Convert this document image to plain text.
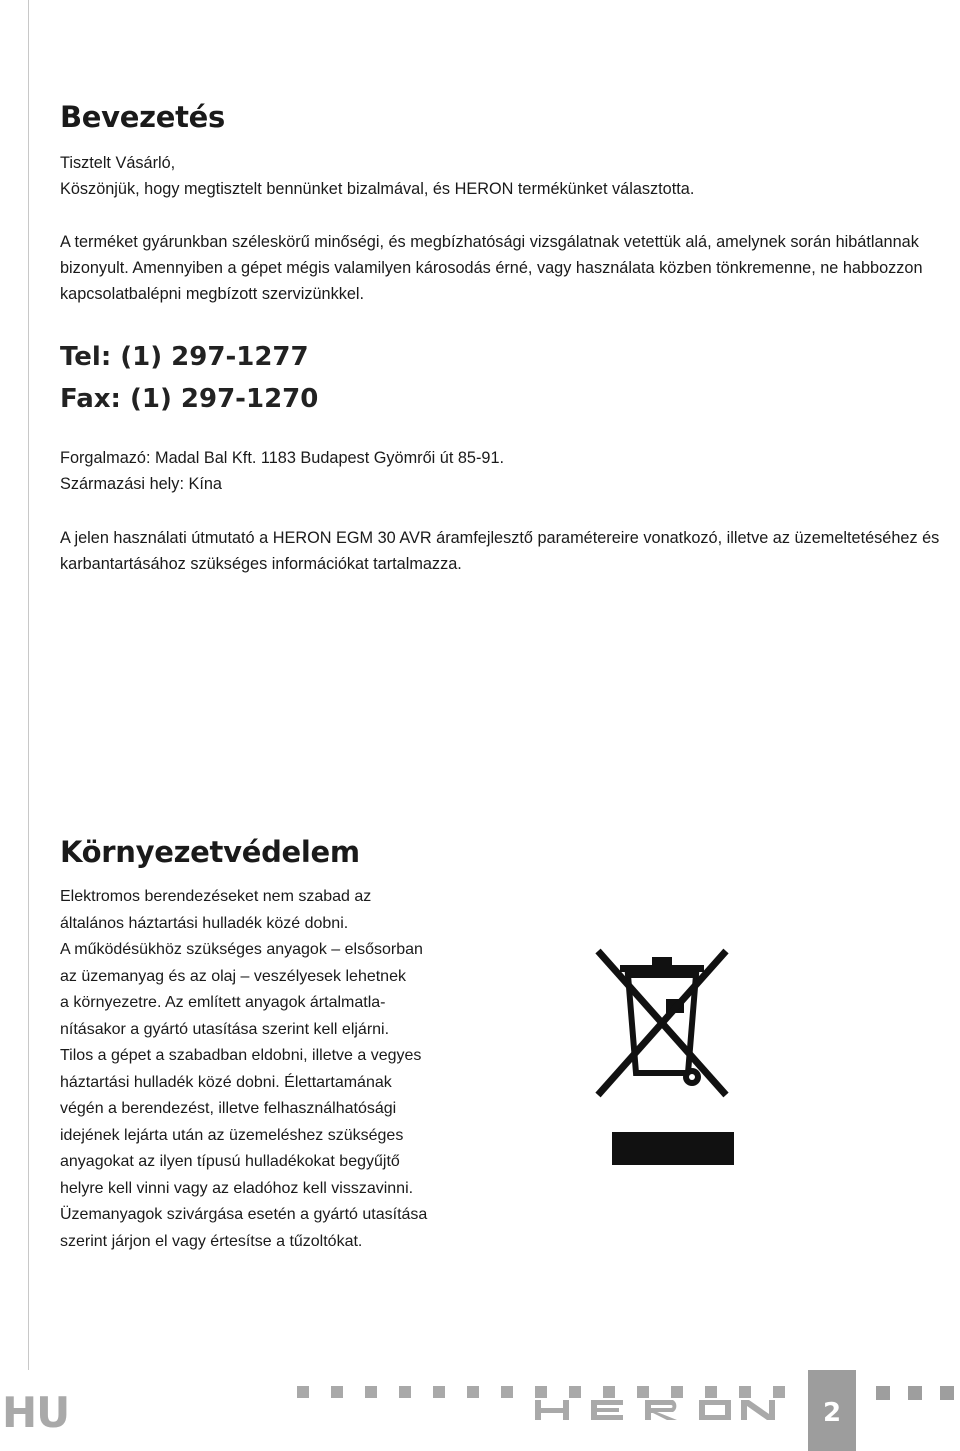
Bevezetés
Tisztelt Vásárló,
Köszönjük, hogy megtisztelt bennünket bizalmával, és HERON termékünket választotta.
A terméket gyárunkban széleskörű minőségi, és megbízhatósági vizsgálatnak vetettük alá, amelynek során hibátlannak
bizonyult. Amennyiben a gépet mégis valamilyen károsodás érné, vagy használata közben tönkremenne, ne habbozzon
kapcsolatbalépni megbízott szervizünkkel.
Tel: (1) 297-1277
Fax: (1) 297-1270
Forgalmazó: Madal Bal Kft. 1183 Budapest Gyömrői út 85-91.
Származási hely: Kína
A jelen használati útmutató a HERON EGM 30 AVR áramfejlesztő paramétereire vonatkozó, illetve az üzemeltetéséhez és
karbantartásához szükséges információkat tartalmazza.
Környezetvédelem
Elektromos berendezéseket nem szabad az
általános háztartási hulladék közé dobni.
A működésükhöz szükséges anyagok – elsősorban
az üzemanyag és az olaj – veszélyesek lehetnek
a környezetre. Az említett anyagok ártalmatla-
nításakor a gyártó utasítása szerint kell eljárni.
Tilos a gépet a szabadban eldobni, illetve a vegyes
háztartási hulladék közé dobni. Élettartamának
végén a berendezést, illetve felhasználhatósági
idejének lejárta után az üzemeléshez szükséges
anyagokat az ilyen típusú hulladékokat begyűjtő
helyre kell vinni vagy az eladóhoz kell visszavinni.
Üzemanyagok szivárgása esetén a gyártó utasítása
szerint járjon el vagy értesítse a tűzoltókat.
HU	2
